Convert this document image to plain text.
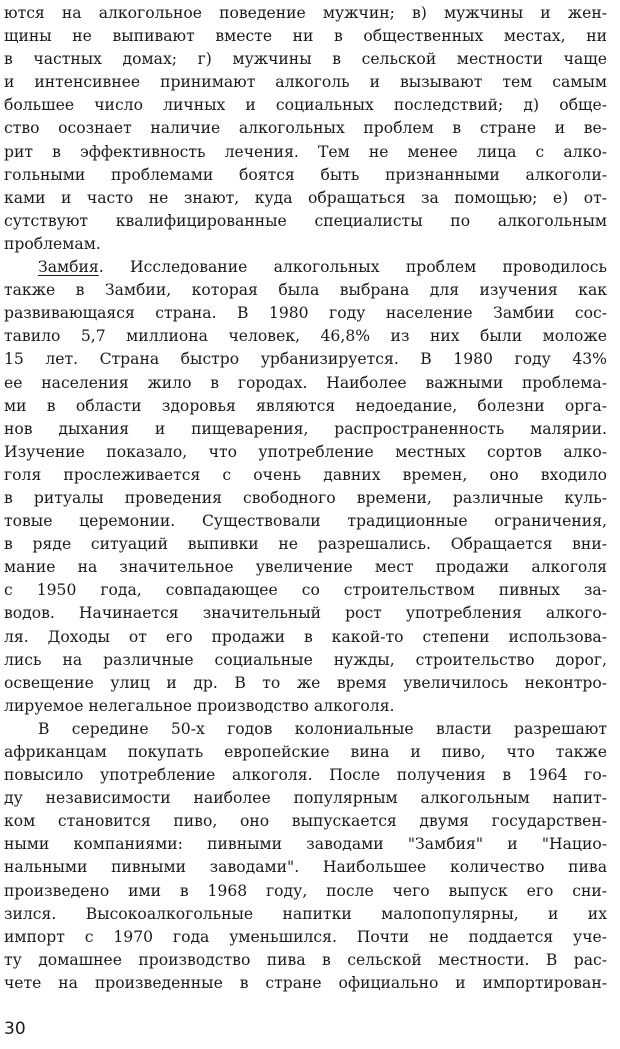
ются на алкогольное поведение мужчин; в) мужчины и жен-
щины не выпивают вместе ни в общественных местах, ни
в частных домах; г) мужчины в сельской местности чаще
и интенсивнее принимают алкоголь и вызывают тем самым
большее число личных и социальных последствий; д) обще-
ство осознает наличие алкогольных проблем в стране и ве-
рит в эффективность лечения. Тем не менее лица с алко-
гольными проблемами боятся быть признанными алкоголи-
ками и часто не знают, куда обращаться за помощью; е) от-
сутствуют квалифицированные специалисты по алкогольным
проблемам.
Замбия. Исследование алкогольных проблем проводилось
также в Замбии, которая была выбрана для изучения как
развивающаяся страна. В 1980 году население Замбии сос-
тавило 5,7 миллиона человек, 46,8% из них были моложе
15 лет. Страна быстро урбанизируется. В 1980 году 43%
ее населения жило в городах. Наиболее важными проблема-
ми в области здоровья являются недоедание, болезни орга-
нов дыхания и пищеварения, распространенность малярии.
Изучение показало, что употребление местных сортов алко-
голя прослеживается с очень давних времен, оно входило
в ритуалы проведения свободного времени, различные куль-
товые церемонии. Существовали традиционные ограничения,
в ряде ситуаций выпивки не разрешались. Обращается вни-
мание на значительное увеличение мест продажи алкоголя
с 1950 года, совпадающее со строительством пивных за-
водов. Начинается значительный рост употребления алкого-
ля. Доходы от его продажи в какой-то степени использова-
лись на различные социальные нужды, строительство дорог,
освещение улиц и др. В то же время увеличилось неконтро-
лируемое нелегальное производство алкоголя.
В середине 50-х годов колониальные власти разрешают
африканцам покупать европейские вина и пиво, что также
повысило употребление алкоголя. После получения в 1964 го-
ду независимости наиболее популярным алкогольным напит-
ком становится пиво, оно выпускается двумя государствен-
ными компаниями: пивными заводами "Замбия" и "Нацио-
нальными пивными заводами". Наибольшее количество пива
произведено ими в 1968 году, после чего выпуск его сни-
зился. Высокоалкогольные напитки малопопулярны, и их
импорт с 1970 года уменьшился. Почти не поддается уче-
ту домашнее производство пива в сельской местности. В рас-
чете на произведенные в стране официально и импортирован-
30
